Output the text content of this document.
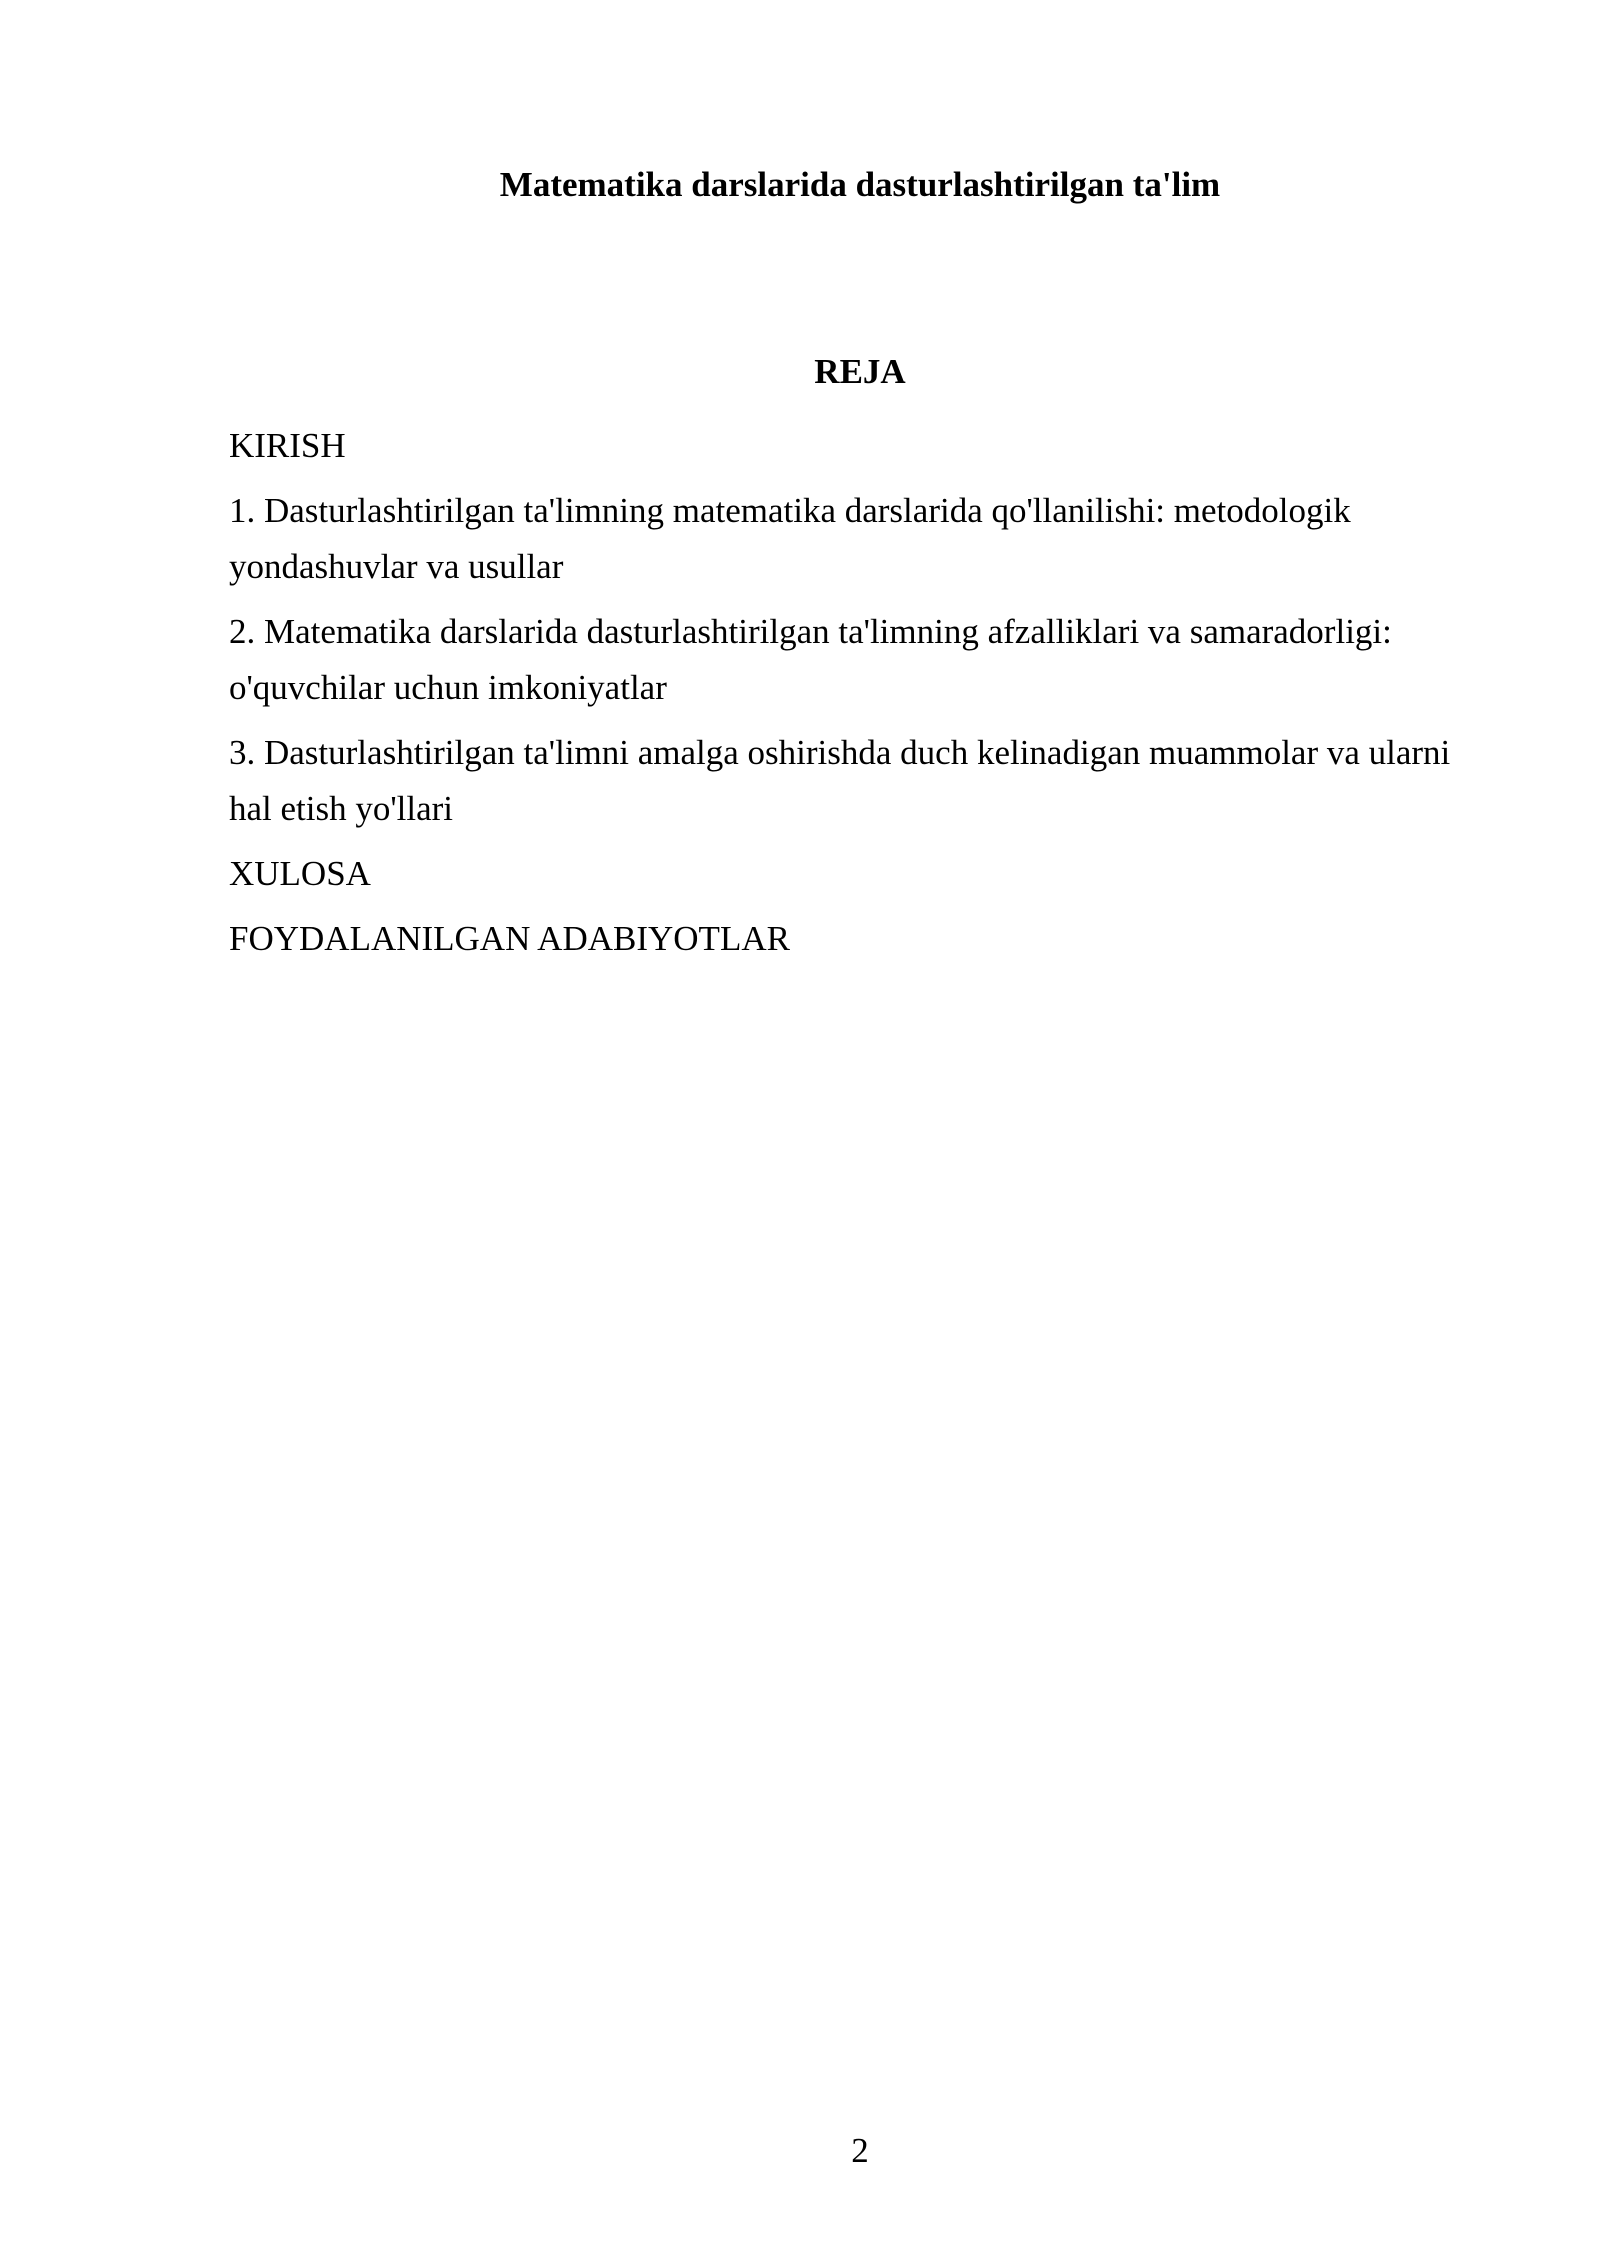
Matematika darslarida dasturlashtirilgan ta'lim
REJA
KIRISH
1. Dasturlashtirilgan ta'limning matematika darslarida qo'llanilishi: metodologik yondashuvlar va usullar
2. Matematika darslarida dasturlashtirilgan ta'limning afzalliklari va samaradorligi: o'quvchilar uchun imkoniyatlar
3. Dasturlashtirilgan ta'limni amalga oshirishda duch kelinadigan muammolar va ularni hal etish yo'llari
XULOSA
FOYDALANILGAN ADABIYOTLAR
2
